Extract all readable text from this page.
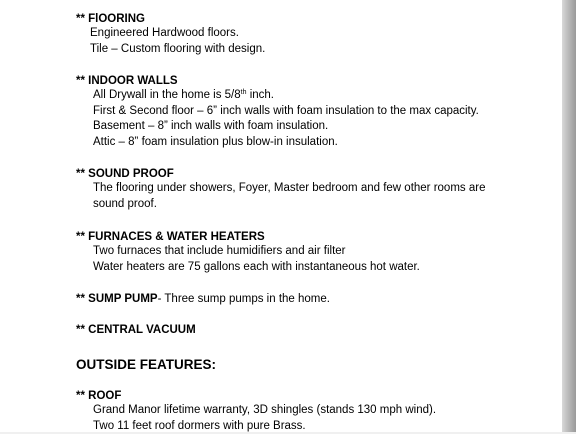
** FlOORING

Engineered Hardwood floors.

Tile – Custom flooring with design.

** INDOOR WALLS

All Drywall in the home is 5/8th inch.

First & Second floor – 6” inch walls with foam insulation to the max capacity.

Basement – 8” inch walls with foam insulation.

Attic – 8” foam insulation plus blow-in insulation.

** SOUND PROOF

The flooring under showers, Foyer, Master bedroom and few other rooms are sound proof.

** FURNACES & WATER HEATERS

Two furnaces that include humidifiers and air filter

Water heaters are 75 gallons each with instantaneous hot water.

** SUMP PUMP- Three sump pumps in the home.

** CENTRAL VACUUM

OUTSIDE FEATURES:

** ROOF

Grand Manor lifetime warranty, 3D shingles (stands 130 mph wind).

Two 11 feet roof dormers with pure Brass.
